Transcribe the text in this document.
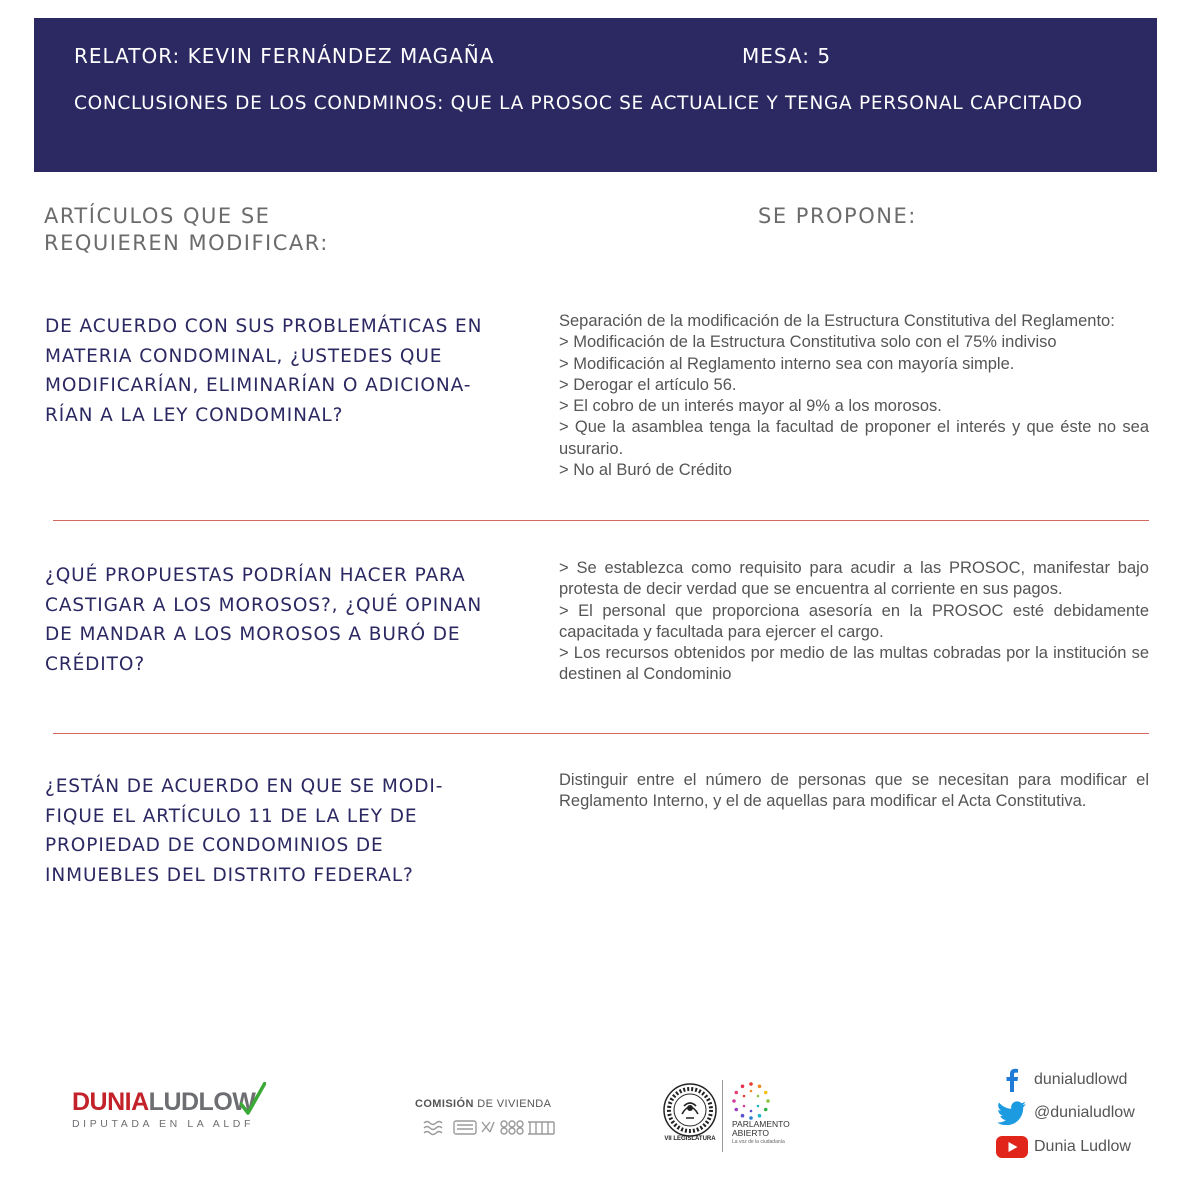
RELATOR: KEVIN FERNÁNDEZ MAGAÑA	MESA: 5
CONCLUSIONES DE LOS CONDMINOS: QUE LA PROSOC SE ACTUALICE Y TENGA PERSONAL CAPCITADO
ARTÍCULOS QUE SE REQUIEREN MODIFICAR:
SE PROPONE:
DE ACUERDO CON SUS PROBLEMÁTICAS EN MATERIA CONDOMINAL, ¿USTEDES QUE MODIFICARÍAN, ELIMINARÍAN O ADICIONA-RÍAN A LA LEY CONDOMINAL?
Separación de la modificación de la Estructura Constitutiva del Reglamento:
> Modificación de la Estructura Constitutiva solo con el 75% indiviso
> Modificación al Reglamento interno sea con mayoría simple.
> Derogar el artículo 56.
> El cobro de un interés mayor al 9% a los morosos.
> Que la asamblea tenga la facultad de proponer el interés y que éste no sea usurario.
> No al Buró de Crédito
¿QUÉ PROPUESTAS PODRÍAN HACER PARA CASTIGAR A LOS MOROSOS?, ¿QUÉ OPINAN DE MANDAR A LOS MOROSOS A BURÓ DE CRÉDITO?
> Se establezca como requisito para acudir a las PROSOC, manifestar bajo protesta de decir verdad que se encuentra al corriente en sus pagos.
> El personal que proporciona asesoría en la PROSOC esté debidamente capacitada y facultada para ejercer el cargo.
> Los recursos obtenidos por medio de las multas cobradas por la institución se destinen al Condominio
¿ESTÁN DE ACUERDO EN QUE SE MODI-FIQUE EL ARTÍCULO 11 DE LA LEY DE PROPIEDAD DE CONDOMINIOS DE INMUEBLES DEL DISTRITO FEDERAL?
Distinguir entre el número de personas que se necesitan para modificar el Reglamento Interno, y el de aquellas para modificar el Acta Constitutiva.
DUNIALUDLOW
DIPUTADA EN LA ALDF
COMISIÓN DE VIVIENDA
VII LEGISLATURA
PARLAMENTO
ABIERTO
La voz de la ciudadanía
dunialudlowd
@dunialudlow
Dunia Ludlow
